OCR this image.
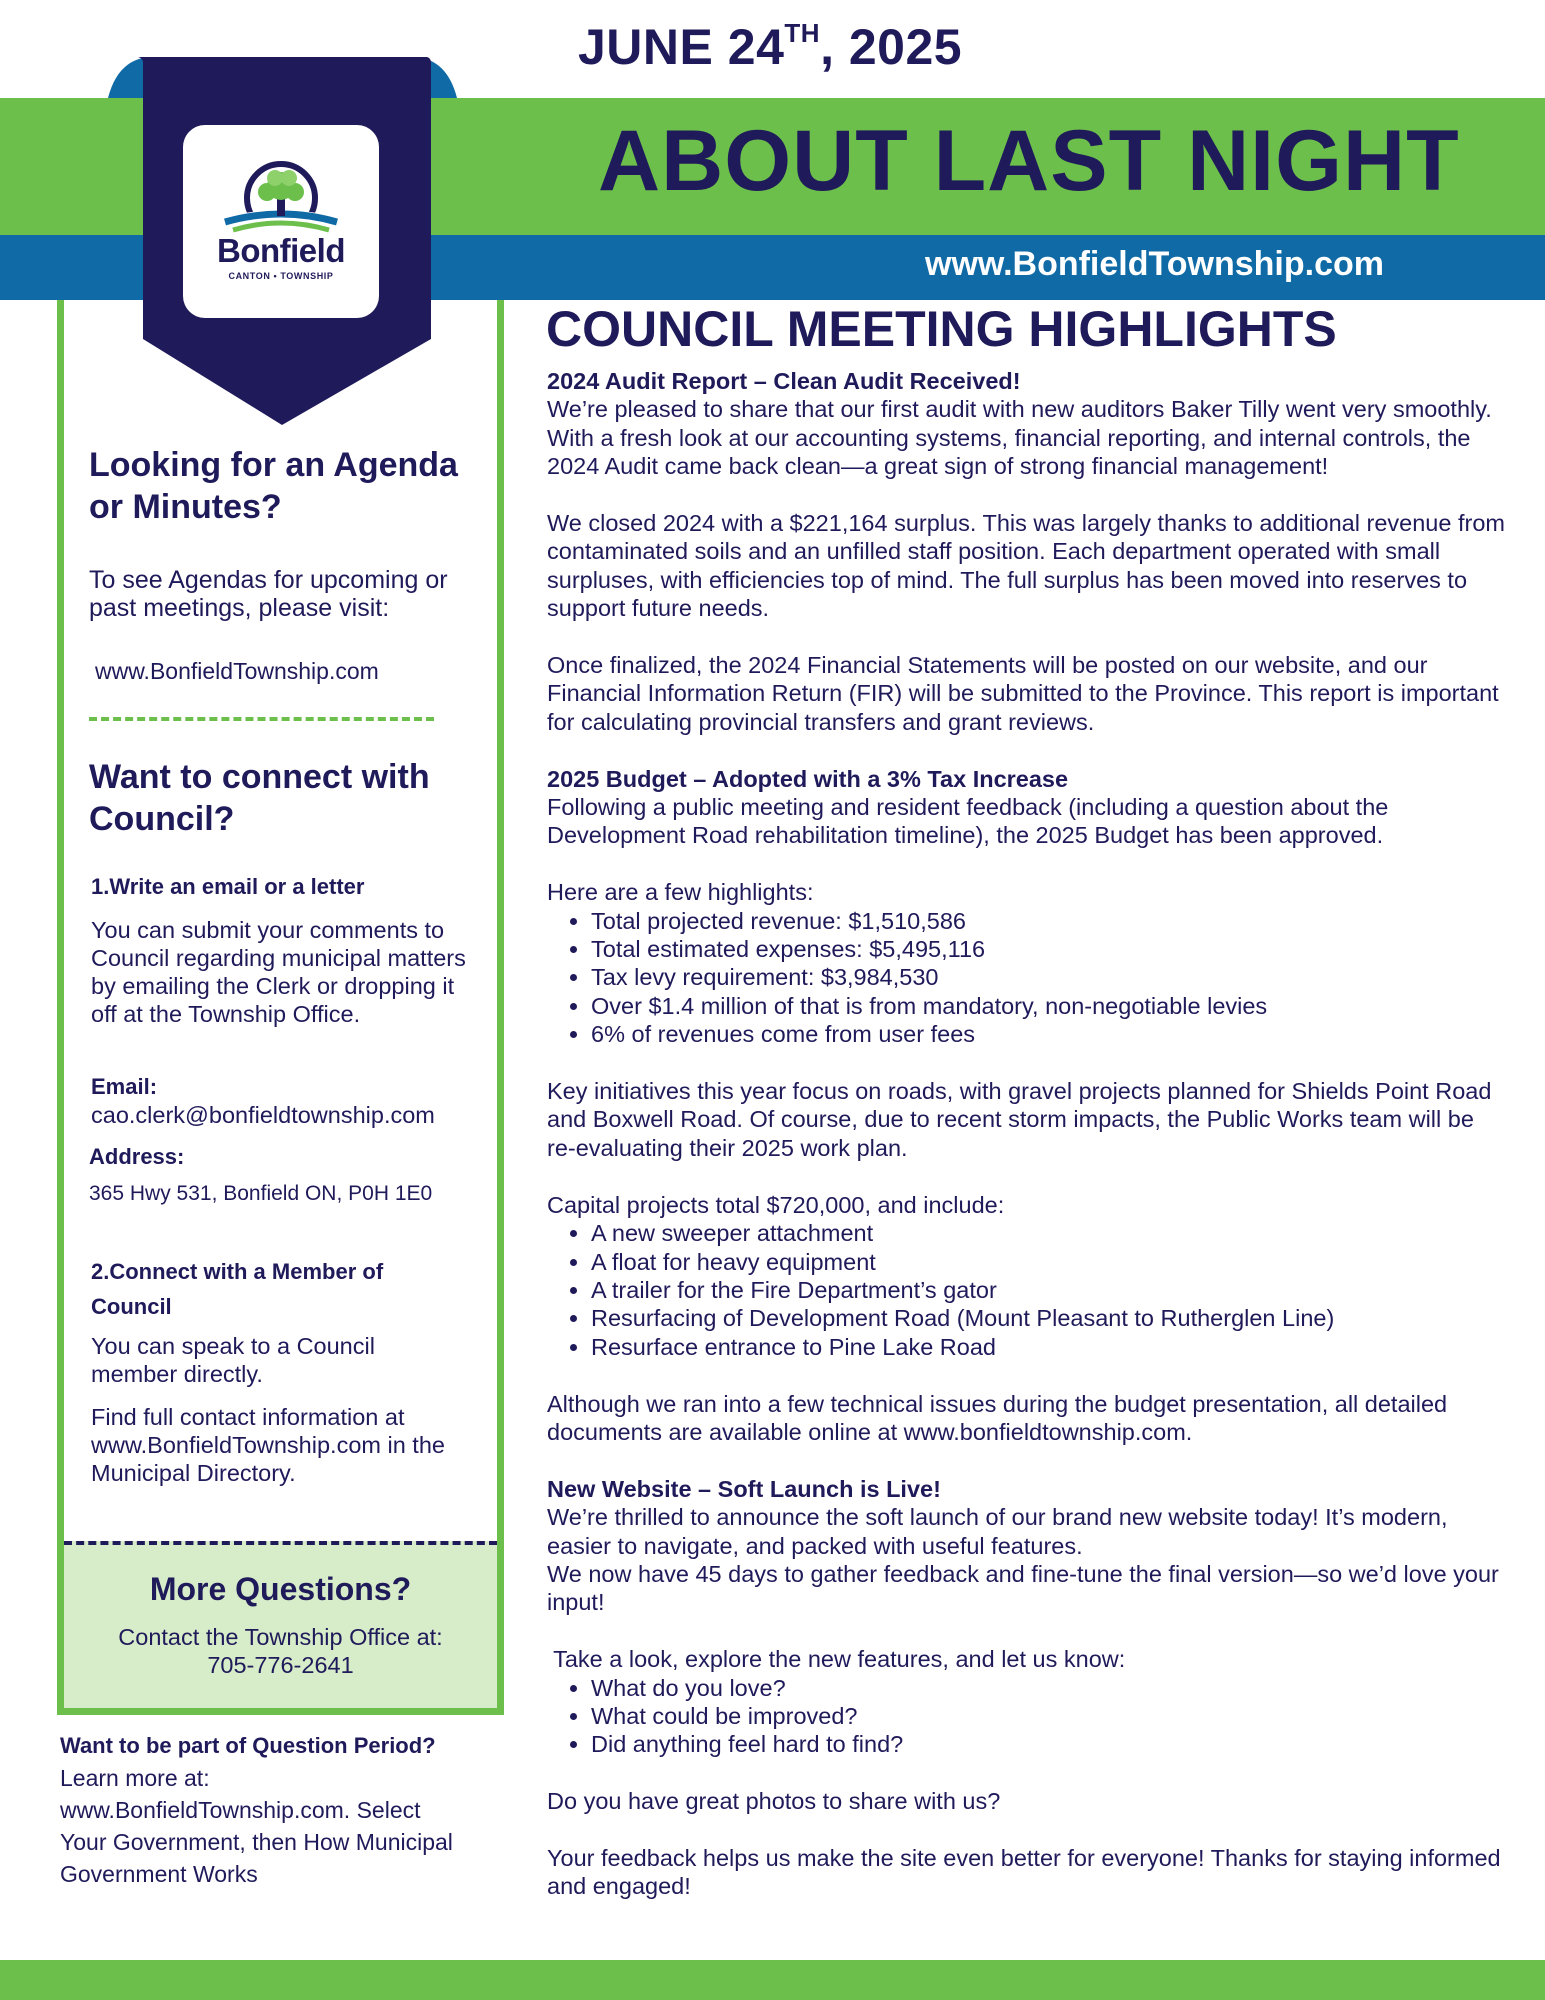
JUNE 24TH, 2025
ABOUT LAST NIGHT
www.BonfieldTownship.com
Bonfield
CANTON • TOWNSHIP
Looking for an Agenda or Minutes?
To see Agendas for upcoming or past meetings, please visit:
www.BonfieldTownship.com
Want to connect with Council?
1.Write an email or a letter
You can submit your comments to Council regarding municipal matters by emailing the Clerk or dropping it off at the Township Office.
Email:
cao.clerk@bonfieldtownship.com
Address:
365 Hwy 531, Bonfield ON, P0H 1E0
2.Connect with a Member of Council
You can speak to a Council member directly.
Find full contact information at www.BonfieldTownship.com in the Municipal Directory.
More Questions?
Contact the Township Office at:
705-776-2641
Want to be part of Question Period?
Learn more at: www.BonfieldTownship.com. Select Your Government, then How Municipal Government Works
COUNCIL MEETING HIGHLIGHTS

2024 Audit Report – Clean Audit Received!

We’re pleased to share that our first audit with new auditors Baker Tilly went very smoothly. With a fresh look at our accounting systems, financial reporting, and internal controls, the 2024 Audit came back clean—a great sign of strong financial management!

We closed 2024 with a $221,164 surplus. This was largely thanks to additional revenue from contaminated soils and an unfilled staff position. Each department operated with small surpluses, with efficiencies top of mind. The full surplus has been moved into reserves to support future needs.

Once finalized, the 2024 Financial Statements will be posted on our website, and our Financial Information Return (FIR) will be submitted to the Province. This report is important for calculating provincial transfers and grant reviews.

2025 Budget – Adopted with a 3% Tax Increase

Following a public meeting and resident feedback (including a question about the Development Road rehabilitation timeline), the 2025 Budget has been approved.

Here are a few highlights:

• Total projected revenue: $1,510,586
• Total estimated expenses: $5,495,116
• Tax levy requirement: $3,984,530
• Over $1.4 million of that is from mandatory, non-negotiable levies
• 6% of revenues come from user fees

Key initiatives this year focus on roads, with gravel projects planned for Shields Point Road and Boxwell Road. Of course, due to recent storm impacts, the Public Works team will be re-evaluating their 2025 work plan.

Capital projects total $720,000, and include:

• A new sweeper attachment
• A float for heavy equipment
• A trailer for the Fire Department’s gator
• Resurfacing of Development Road (Mount Pleasant to Rutherglen Line)
• Resurface entrance to Pine Lake Road

Although we ran into a few technical issues during the budget presentation, all detailed documents are available online at www.bonfieldtownship.com.

New Website – Soft Launch is Live!

We’re thrilled to announce the soft launch of our brand new website today! It’s modern, easier to navigate, and packed with useful features.

We now have 45 days to gather feedback and fine-tune the final version—so we’d love your input!

Take a look, explore the new features, and let us know:

• What do you love?
• What could be improved?
• Did anything feel hard to find?

Do you have great photos to share with us?

Your feedback helps us make the site even better for everyone! Thanks for staying informed and engaged!
